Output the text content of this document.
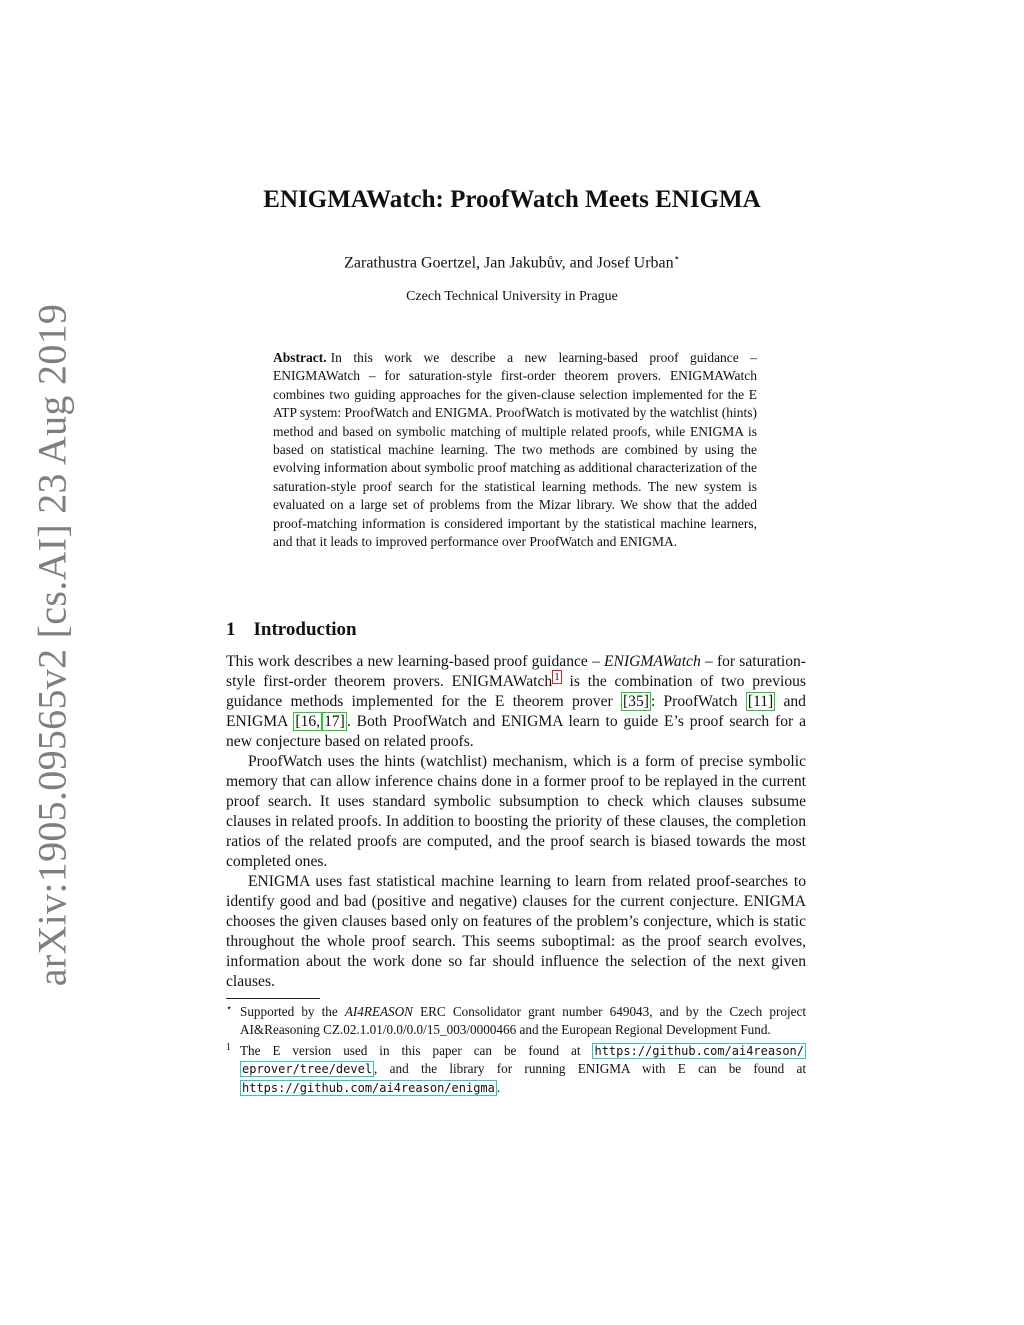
arXiv:1905.09565v2 [cs.AI] 23 Aug 2019
ENIGMAWatch: ProofWatch Meets ENIGMA
Zarathustra Goertzel, Jan Jakubův, and Josef Urban⋆
Czech Technical University in Prague
Abstract. In this work we describe a new learning-based proof guidance – ENIGMAWatch – for saturation-style first-order theorem provers. ENIGMAWatch combines two guiding approaches for the given-clause selection implemented for the E ATP system: ProofWatch and ENIGMA. ProofWatch is motivated by the watchlist (hints) method and based on symbolic matching of multiple related proofs, while ENIGMA is based on statistical machine learning. The two methods are combined by using the evolving information about symbolic proof matching as additional characterization of the saturation-style proof search for the statistical learning methods. The new system is evaluated on a large set of problems from the Mizar library. We show that the added proof-matching information is considered important by the statistical machine learners, and that it leads to improved performance over ProofWatch and ENIGMA.
1 Introduction

This work describes a new learning-based proof guidance – ENIGMAWatch – for saturation-style first-order theorem provers. ENIGMAWatch $^1$ is the combination of two previous guidance methods implemented for the E theorem prover [35] : ProofWatch [11] and ENIGMA [16, 17] . Both ProofWatch and ENIGMA learn to guide E’s proof search for a new conjecture based on related proofs.

ProofWatch uses the hints (watchlist) mechanism, which is a form of precise symbolic memory that can allow inference chains done in a former proof to be replayed in the current proof search. It uses standard symbolic subsumption to check which clauses subsume clauses in related proofs. In addition to boosting the priority of these clauses, the completion ratios of the related proofs are computed, and the proof search is biased towards the most completed ones.

ENIGMA uses fast statistical machine learning to learn from related proof-searches to identify good and bad (positive and negative) clauses for the current conjecture. ENIGMA chooses the given clauses based only on features of the problem’s conjecture, which is static throughout the whole proof search. This seems suboptimal: as the proof search evolves, information about the work done so far should influence the selection of the next given clauses.

⋆ Supported by the AI4REASON ERC Consolidator grant number 649043, and by the Czech project AI&Reasoning CZ.02.1.01/0.0/0.0/15_003/0000466 and the European Regional Development Fund.
1 The E version used in this paper can be found at https://github.com/ai4reason/ eprover/tree/devel , and the library for running ENIGMA with E can be found at https://github.com/ai4reason/enigma .
